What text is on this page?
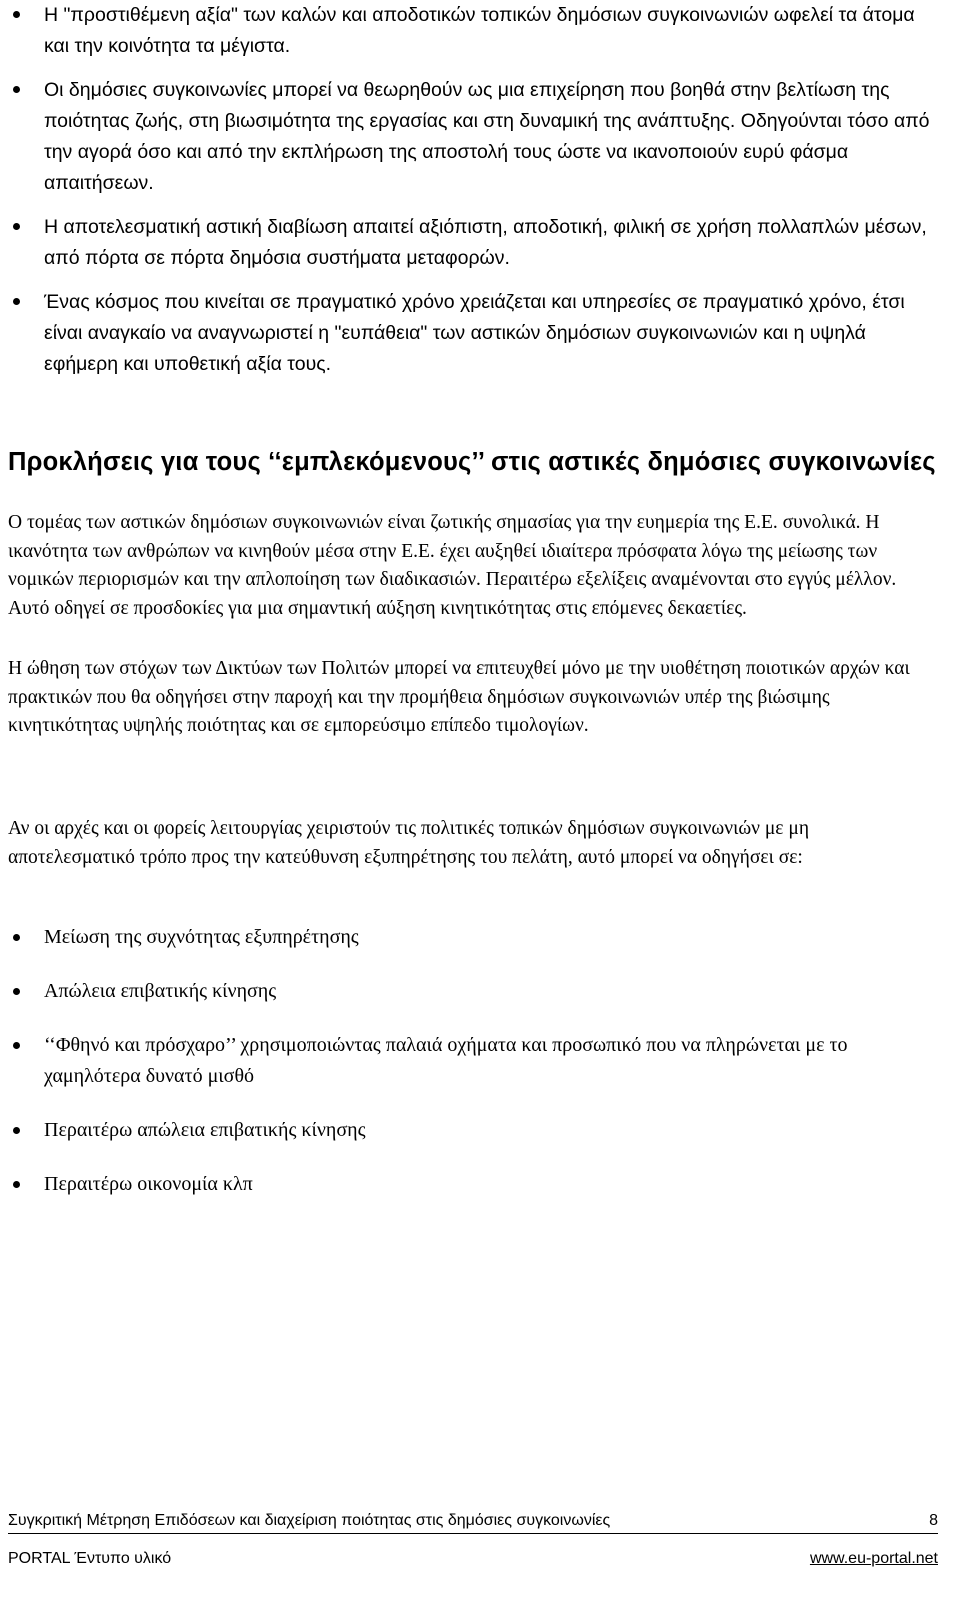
Η "προστιθέμενη αξία" των καλών και αποδοτικών τοπικών δημόσιων συγκοινωνιών ωφελεί τα άτομα και την κοινότητα τα μέγιστα.
Οι δημόσιες συγκοινωνίες μπορεί να θεωρηθούν ως μια επιχείρηση που βοηθά στην βελτίωση της ποιότητας ζωής, στη βιωσιμότητα της εργασίας και στη δυναμική της ανάπτυξης. Οδηγούνται τόσο από την αγορά όσο και από την εκπλήρωση της αποστολή τους ώστε να ικανοποιούν ευρύ φάσμα απαιτήσεων.
Η αποτελεσματική αστική διαβίωση απαιτεί αξιόπιστη, αποδοτική, φιλική σε χρήση πολλαπλών μέσων, από πόρτα σε πόρτα δημόσια συστήματα μεταφορών.
Ένας κόσμος που κινείται σε πραγματικό χρόνο χρειάζεται και υπηρεσίες σε πραγματικό χρόνο, έτσι είναι αναγκαίο να αναγνωριστεί η "ευπάθεια" των αστικών δημόσιων συγκοινωνιών και η υψηλά εφήμερη και υποθετική αξία τους.
Προκλήσεις για τους ‘‘εμπλεκόμενους’’ στις αστικές δημόσιες συγκοινωνίες

Ο τομέας των αστικών δημόσιων συγκοινωνιών είναι ζωτικής σημασίας για την ευημερία της Ε.Ε. συνολικά. Η ικανότητα των ανθρώπων να κινηθούν μέσα στην Ε.Ε. έχει αυξηθεί ιδιαίτερα πρόσφατα λόγω της μείωσης των νομικών περιορισμών και την απλοποίηση των διαδικασιών. Περαιτέρω εξελίξεις αναμένονται στο εγγύς μέλλον. Αυτό οδηγεί σε προσδοκίες για μια σημαντική αύξηση κινητικότητας στις επόμενες δεκαετίες.

Η ώθηση των στόχων των Δικτύων των Πολιτών μπορεί να επιτευχθεί μόνο με την υιοθέτηση ποιοτικών αρχών και πρακτικών που θα οδηγήσει στην παροχή και την προμήθεια δημόσιων συγκοινωνιών υπέρ της βιώσιμης κινητικότητας υψηλής ποιότητας και σε εμπορεύσιμο επίπεδο τιμολογίων.

Αν οι αρχές και οι φορείς λειτουργίας χειριστούν τις πολιτικές τοπικών δημόσιων συγκοινωνιών με μη αποτελεσματικό τρόπο προς την κατεύθυνση εξυπηρέτησης του πελάτη, αυτό μπορεί να οδηγήσει σε:

Μείωση της συχνότητας εξυπηρέτησης
Απώλεια επιβατικής κίνησης
‘‘Φθηνό και πρόσχαρο’’ χρησιμοποιώντας παλαιά οχήματα και προσωπικό που να πληρώνεται με το χαμηλότερα δυνατό μισθό
Περαιτέρω απώλεια επιβατικής κίνησης
Περαιτέρω οικονομία κλπ
Συγκριτική Μέτρηση Επιδόσεων και διαχείριση ποιότητας στις δημόσιες συγκοινωνίες	8
PORTAL Έντυπο υλικό	www.eu-portal.net
